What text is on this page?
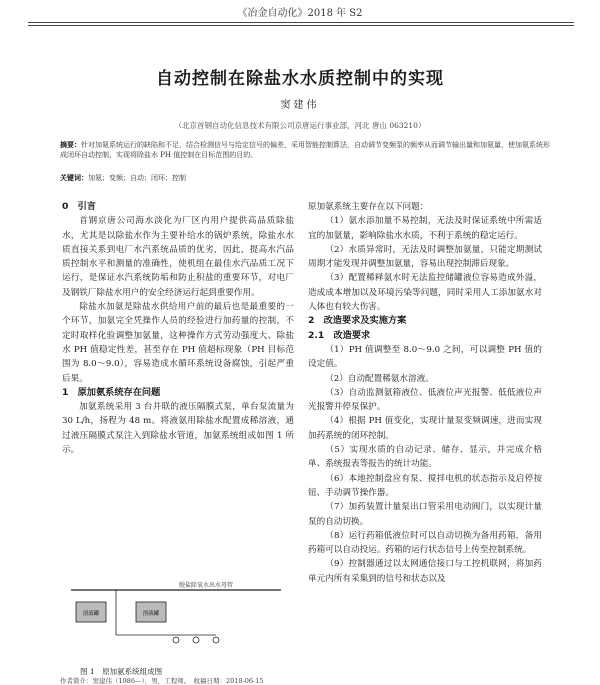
《冶金自动化》2018 年 S2
自动控制在除盐水水质控制中的实现
窦建伟
（北京首钢自动化信息技术有限公司京唐运行事业部，河北 唐山 063210）
摘要：针对加氨系统运行的缺陷和不足，结合检测信号与给定信号的偏差，采用智能控制算法，自动调节变频泵的频率从而调节输出量和加氨量，使加氨系统形成闭环自动控制，实现将除盐水 PH 值控制在目标范围的目的。
关键词：加氨；变频；自动；闭环；控制

0　引言

首钢京唐公司海水淡化为厂区内用户提供高品质除盐水，尤其是以除盐水作为主要补给水的锅炉系统，除盐水水质直接关系到电厂水汽系统品质的优劣，因此，提高水汽品质控制水平和测量的准确性，使机组在最佳水汽品质工况下运行，是保证水汽系统防垢和防止积盐的重要环节，对电厂及钢铁厂除盐水用户的安全经济运行起到重要作用。

除盐水加氨是除盐水供给用户前的最后也是最重要的一个环节，加氨完全凭操作人员的经验进行加药量的控制，不定时取样化验调整加氨量，这种操作方式劳动强度大、除盐水 PH 值稳定性差，甚至存在 PH 值超标现象（PH 目标范围为 8.0～9.0），容易造成水循环系统设备腐蚀，引起严重后果。

1　原加氨系统存在问题

加氨系统采用 3 台并联的液压隔膜式泵，单台泵流量为 30 L/h，扬程为 48 m。将液氨用除盐水配置成稀溶液，通过液压隔膜式泵注入到除盐水管道，加氨系统组成如图 1 所示。

原加氨系统主要存在以下问题：

（1）氨水添加量不易控制，无法及时保证系统中所需适宜的加氨量，影响除盐水水质，不利于系统的稳定运行。

（2）水质异常时，无法及时调整加氨量，只能定期测试周期才能发现并调整加氨量，容易出现控制滞后现象。

（3）配置稀释氨水时无法监控储罐液位容易造成外溢，造成成本增加以及环境污染等问题，同时采用人工添加氨水对人体也有较大伤害。

2　改造要求及实施方案

2.1　改造要求

（1）PH 值调整至 8.0～9.0 之间，可以调整 PH 值的设定值。

（2）自动配置稀氨水溶液。

（3）自动监测氨箱液位、低液位声光报警、低低液位声光报警并停泵保护。

（4）根据 PH 值变化，实现计量泵变频调速，进而实现加药系统的闭环控制。

（5）实现水质的自动记录、储存、显示，并完成介格单、系统报表等报告的统计功能。

（6）本地控制盘应有泵、搅拌电机的状态指示及启停按钮、手动调节操作器。

（7）加药装置计量泵出口管采用电动阀门，以实现计量泵的自动切换。

（8）运行药箱低液位时可以自动切换为备用药箱，备用药箱可以自动投运。药箱的运行状态信号上传至控制系统。

（9）控制器通过以太网通信接口与工控机联网，将加药单元内所有采集到的信号和状态以及

脱盐除氧水出水母管
溶液罐	溶液罐
图 1　原加氨系统组成图
作者简介：窦建伟（1986—），男，工程师。　收稿日期：2018-06-15
